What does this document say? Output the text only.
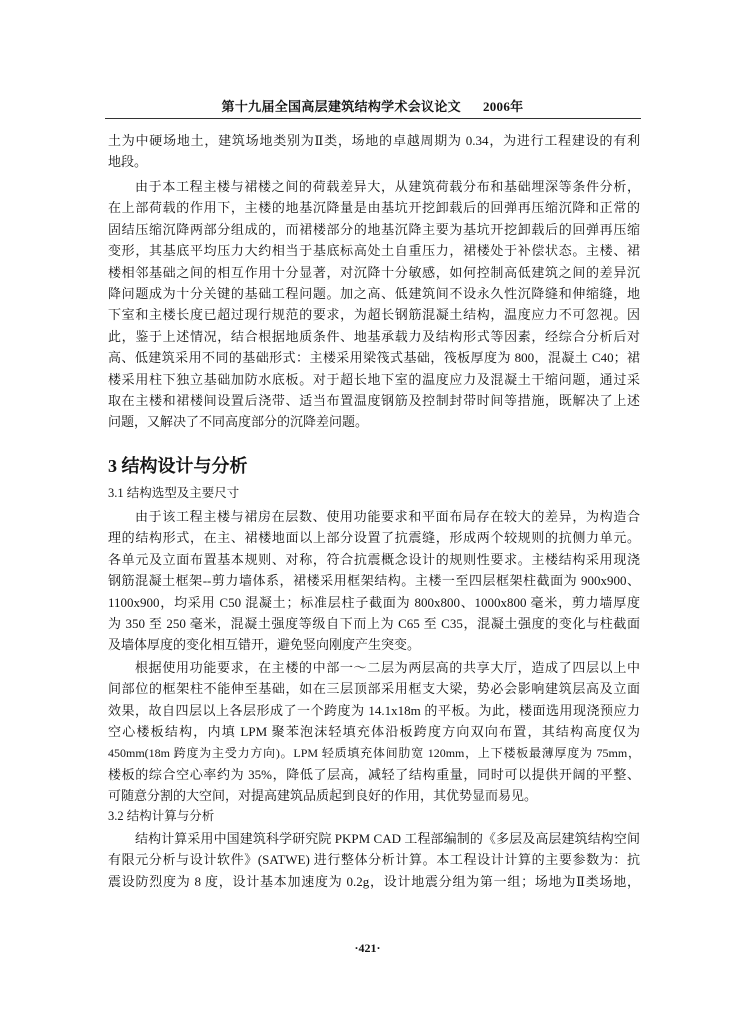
第十九届全国高层建筑结构学术会议论文 2006年
土为中硬场地土，建筑场地类别为Ⅱ类，场地的卓越周期为 0.34，为进行工程建设的有利
地段。
由于本工程主楼与裙楼之间的荷载差异大，从建筑荷载分布和基础埋深等条件分析，
在上部荷载的作用下，主楼的地基沉降量是由基坑开挖卸载后的回弹再压缩沉降和正常的
固结压缩沉降两部分组成的，而裙楼部分的地基沉降主要为基坑开挖卸载后的回弹再压缩
变形，其基底平均压力大约相当于基底标高处土自重压力，裙楼处于补偿状态。主楼、裙
楼相邻基础之间的相互作用十分显著，对沉降十分敏感，如何控制高低建筑之间的差异沉
降问题成为十分关键的基础工程问题。加之高、低建筑间不设永久性沉降缝和伸缩缝，地
下室和主楼长度已超过现行规范的要求，为超长钢筋混凝土结构，温度应力不可忽视。因
此，鉴于上述情况，结合根据地质条件、地基承载力及结构形式等因素，经综合分析后对
高、低建筑采用不同的基础形式：主楼采用梁筏式基础，筏板厚度为 800，混凝土 C40；裙
楼采用柱下独立基础加防水底板。对于超长地下室的温度应力及混凝土干缩问题，通过采
取在主楼和裙楼间设置后浇带、适当布置温度钢筋及控制封带时间等措施，既解决了上述
问题，又解决了不同高度部分的沉降差问题。
3 结构设计与分析
3.1 结构选型及主要尺寸
由于该工程主楼与裙房在层数、使用功能要求和平面布局存在较大的差异，为构造合
理的结构形式，在主、裙楼地面以上部分设置了抗震缝，形成两个较规则的抗侧力单元。
各单元及立面布置基本规则、对称，符合抗震概念设计的规则性要求。主楼结构采用现浇
钢筋混凝土框架--剪力墙体系，裙楼采用框架结构。主楼一至四层框架柱截面为 900x900、
1100x900，均采用 C50 混凝土；标准层柱子截面为 800x800、1000x800 毫米，剪力墙厚度
为 350 至 250 毫米，混凝土强度等级自下而上为 C65 至 C35，混凝土强度的变化与柱截面
及墙体厚度的变化相互错开，避免竖向刚度产生突变。
根据使用功能要求，在主楼的中部一～二层为两层高的共享大厅，造成了四层以上中
间部位的框架柱不能伸至基础，如在三层顶部采用框支大梁，势必会影响建筑层高及立面
效果，故自四层以上各层形成了一个跨度为 14.1x18m 的平板。为此，楼面选用现浇预应力
空心楼板结构，内填 LPM 聚苯泡沫轻填充体沿板跨度方向双向布置，其结构高度仅为
450mm(18m 跨度为主受力方向)。LPM 轻质填充体间肋宽 120mm，上下楼板最薄厚度为 75mm，
楼板的综合空心率约为 35%，降低了层高，减轻了结构重量，同时可以提供开阔的平整、
可随意分割的大空间，对提高建筑品质起到良好的作用，其优势显而易见。
3.2 结构计算与分析
结构计算采用中国建筑科学研究院 PKPM CAD 工程部编制的《多层及高层建筑结构空间
有限元分析与设计软件》(SATWE) 进行整体分析计算。本工程设计计算的主要参数为：抗
震设防烈度为 8 度，设计基本加速度为 0.2g，设计地震分组为第一组；场地为Ⅱ类场地，
·421·
